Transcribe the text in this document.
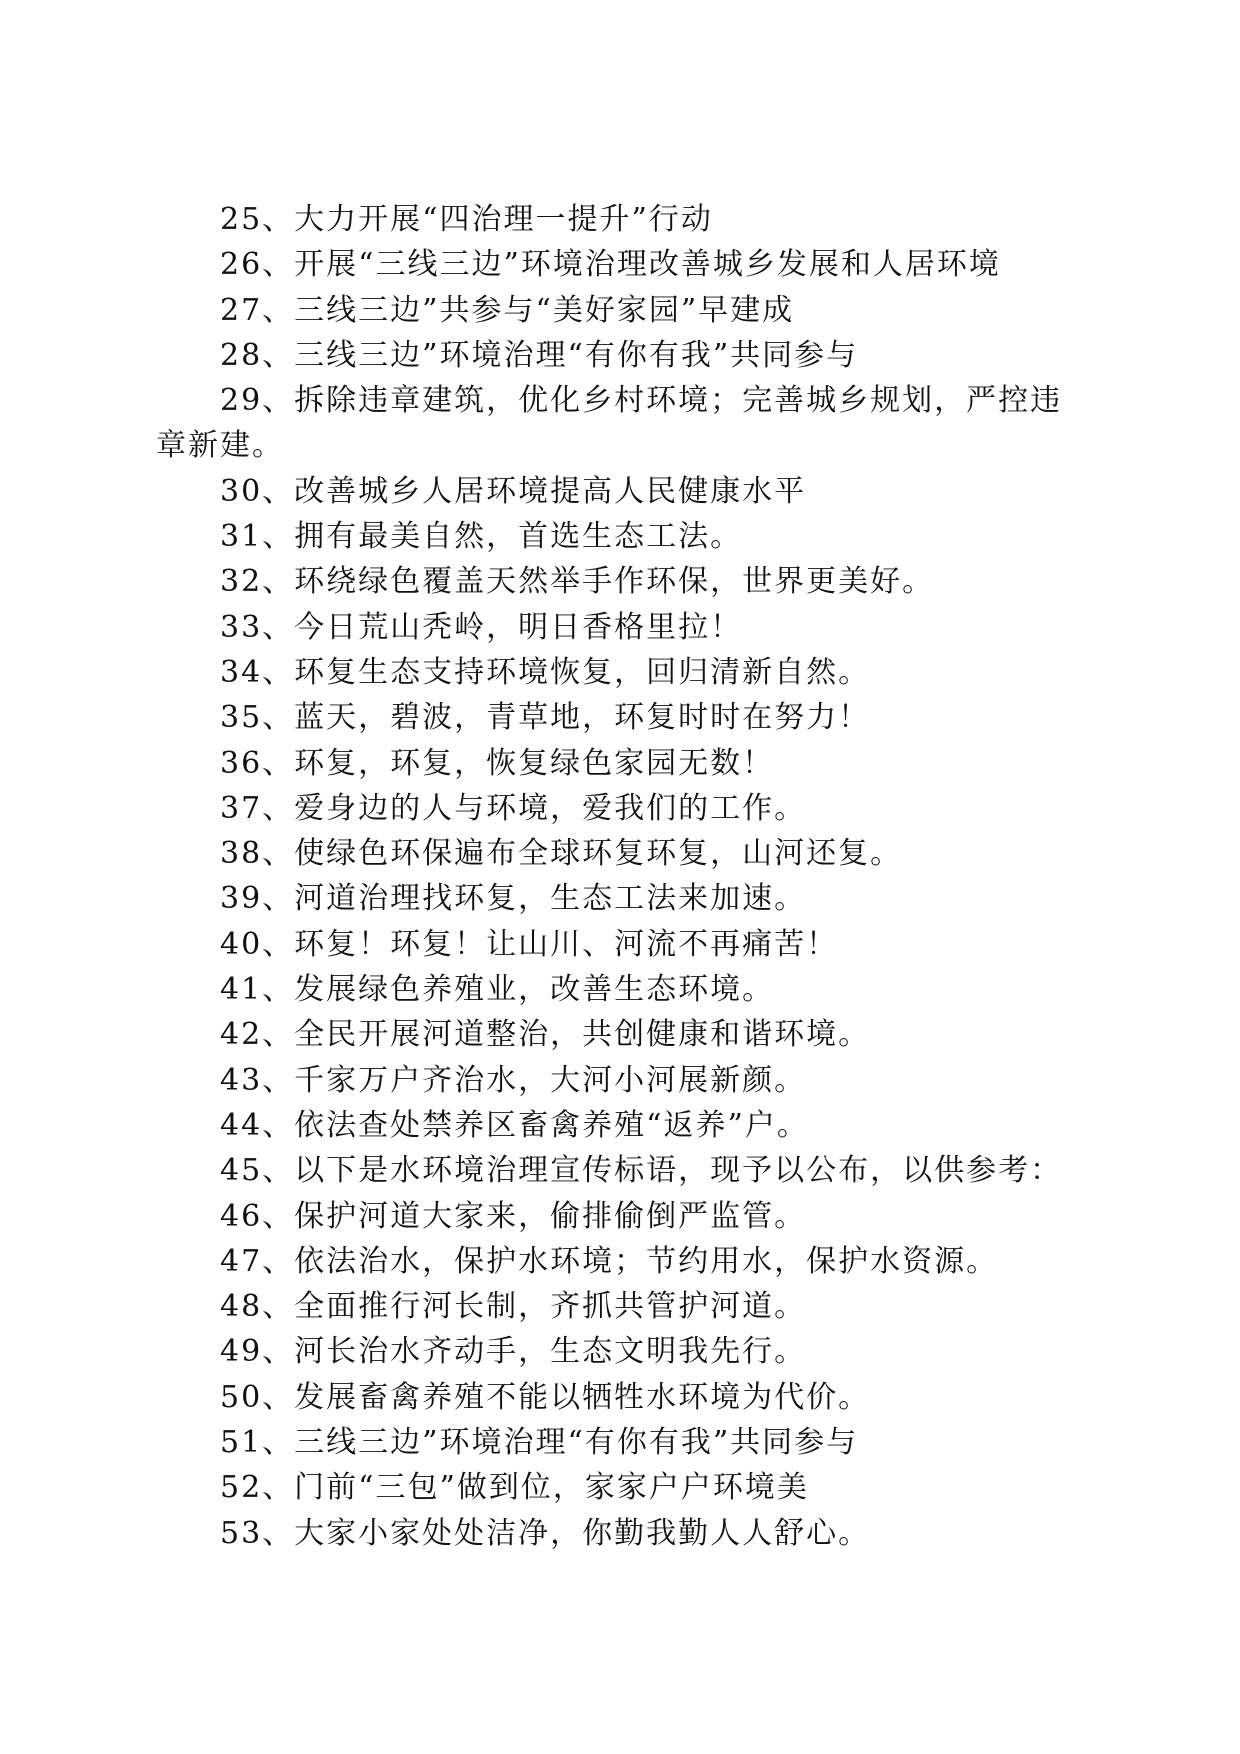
25、大力开展“四治理一提升”行动

26、开展“三线三边”环境治理改善城乡发展和人居环境

27、三线三边”共参与“美好家园”早建成

28、三线三边”环境治理“有你有我”共同参与

29、拆除违章建筑，优化乡村环境；完善城乡规划，严控违章新建。

30、改善城乡人居环境提高人民健康水平

31、拥有最美自然，首选生态工法。

32、环绕绿色覆盖天然举手作环保，世界更美好。

33、今日荒山秃岭，明日香格里拉！

34、环复生态支持环境恢复，回归清新自然。

35、蓝天，碧波，青草地，环复时时在努力！

36、环复，环复，恢复绿色家园无数！

37、爱身边的人与环境，爱我们的工作。

38、使绿色环保遍布全球环复环复，山河还复。

39、河道治理找环复，生态工法来加速。

40、环复！环复！让山川、河流不再痛苦！

41、发展绿色养殖业，改善生态环境。

42、全民开展河道整治，共创健康和谐环境。

43、千家万户齐治水，大河小河展新颜。

44、依法查处禁养区畜禽养殖“返养”户。

45、以下是水环境治理宣传标语，现予以公布，以供参考：

46、保护河道大家来，偷排偷倒严监管。

47、依法治水，保护水环境；节约用水，保护水资源。

48、全面推行河长制，齐抓共管护河道。

49、河长治水齐动手，生态文明我先行。

50、发展畜禽养殖不能以牺牲水环境为代价。

51、三线三边”环境治理“有你有我”共同参与

52、门前“三包”做到位，家家户户环境美

53、大家小家处处洁净，你勤我勤人人舒心。
